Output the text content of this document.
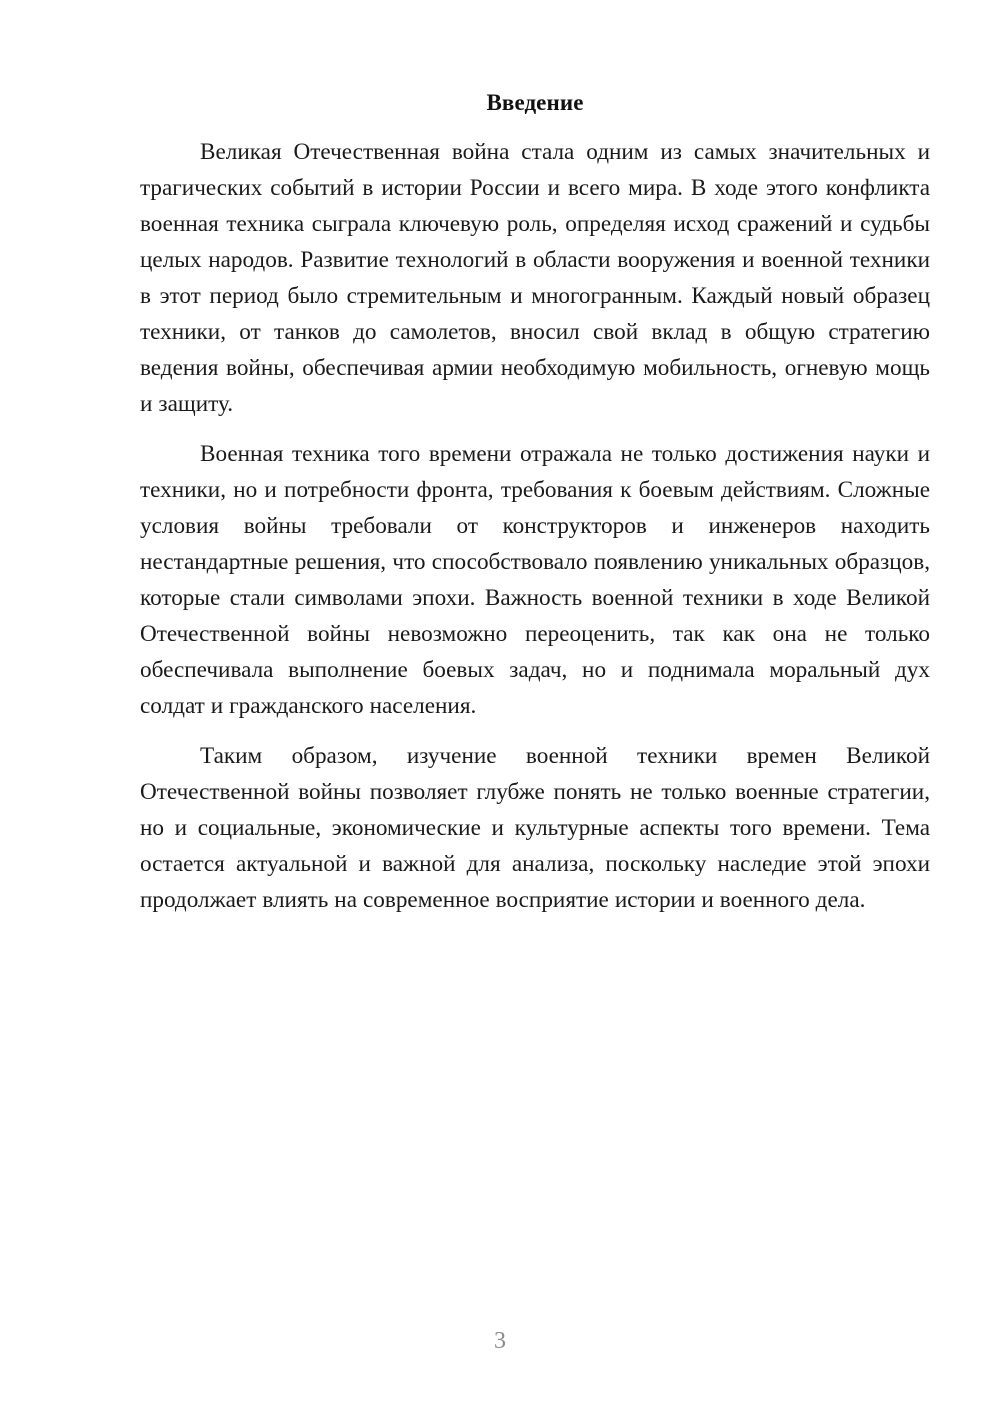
Введение

Великая Отечественная война стала одним из самых значительных и трагических событий в истории России и всего мира. В ходе этого конфликта военная техника сыграла ключевую роль, определяя исход сражений и судьбы целых народов. Развитие технологий в области вооружения и военной техники в этот период было стремительным и многогранным. Каждый новый образец техники, от танков до самолетов, вносил свой вклад в общую стратегию ведения войны, обеспечивая армии необходимую мобильность, огневую мощь и защиту.

Военная техника того времени отражала не только достижения науки и техники, но и потребности фронта, требования к боевым действиям. Сложные условия войны требовали от конструкторов и инженеров находить нестандартные решения, что способствовало появлению уникальных образцов, которые стали символами эпохи. Важность военной техники в ходе Великой Отечественной войны невозможно переоценить, так как она не только обеспечивала выполнение боевых задач, но и поднимала моральный дух солдат и гражданского населения.

Таким образом, изучение военной техники времен Великой Отечественной войны позволяет глубже понять не только военные стратегии, но и социальные, экономические и культурные аспекты того времени. Тема остается актуальной и важной для анализа, поскольку наследие этой эпохи продолжает влиять на современное восприятие истории и военного дела.

3
